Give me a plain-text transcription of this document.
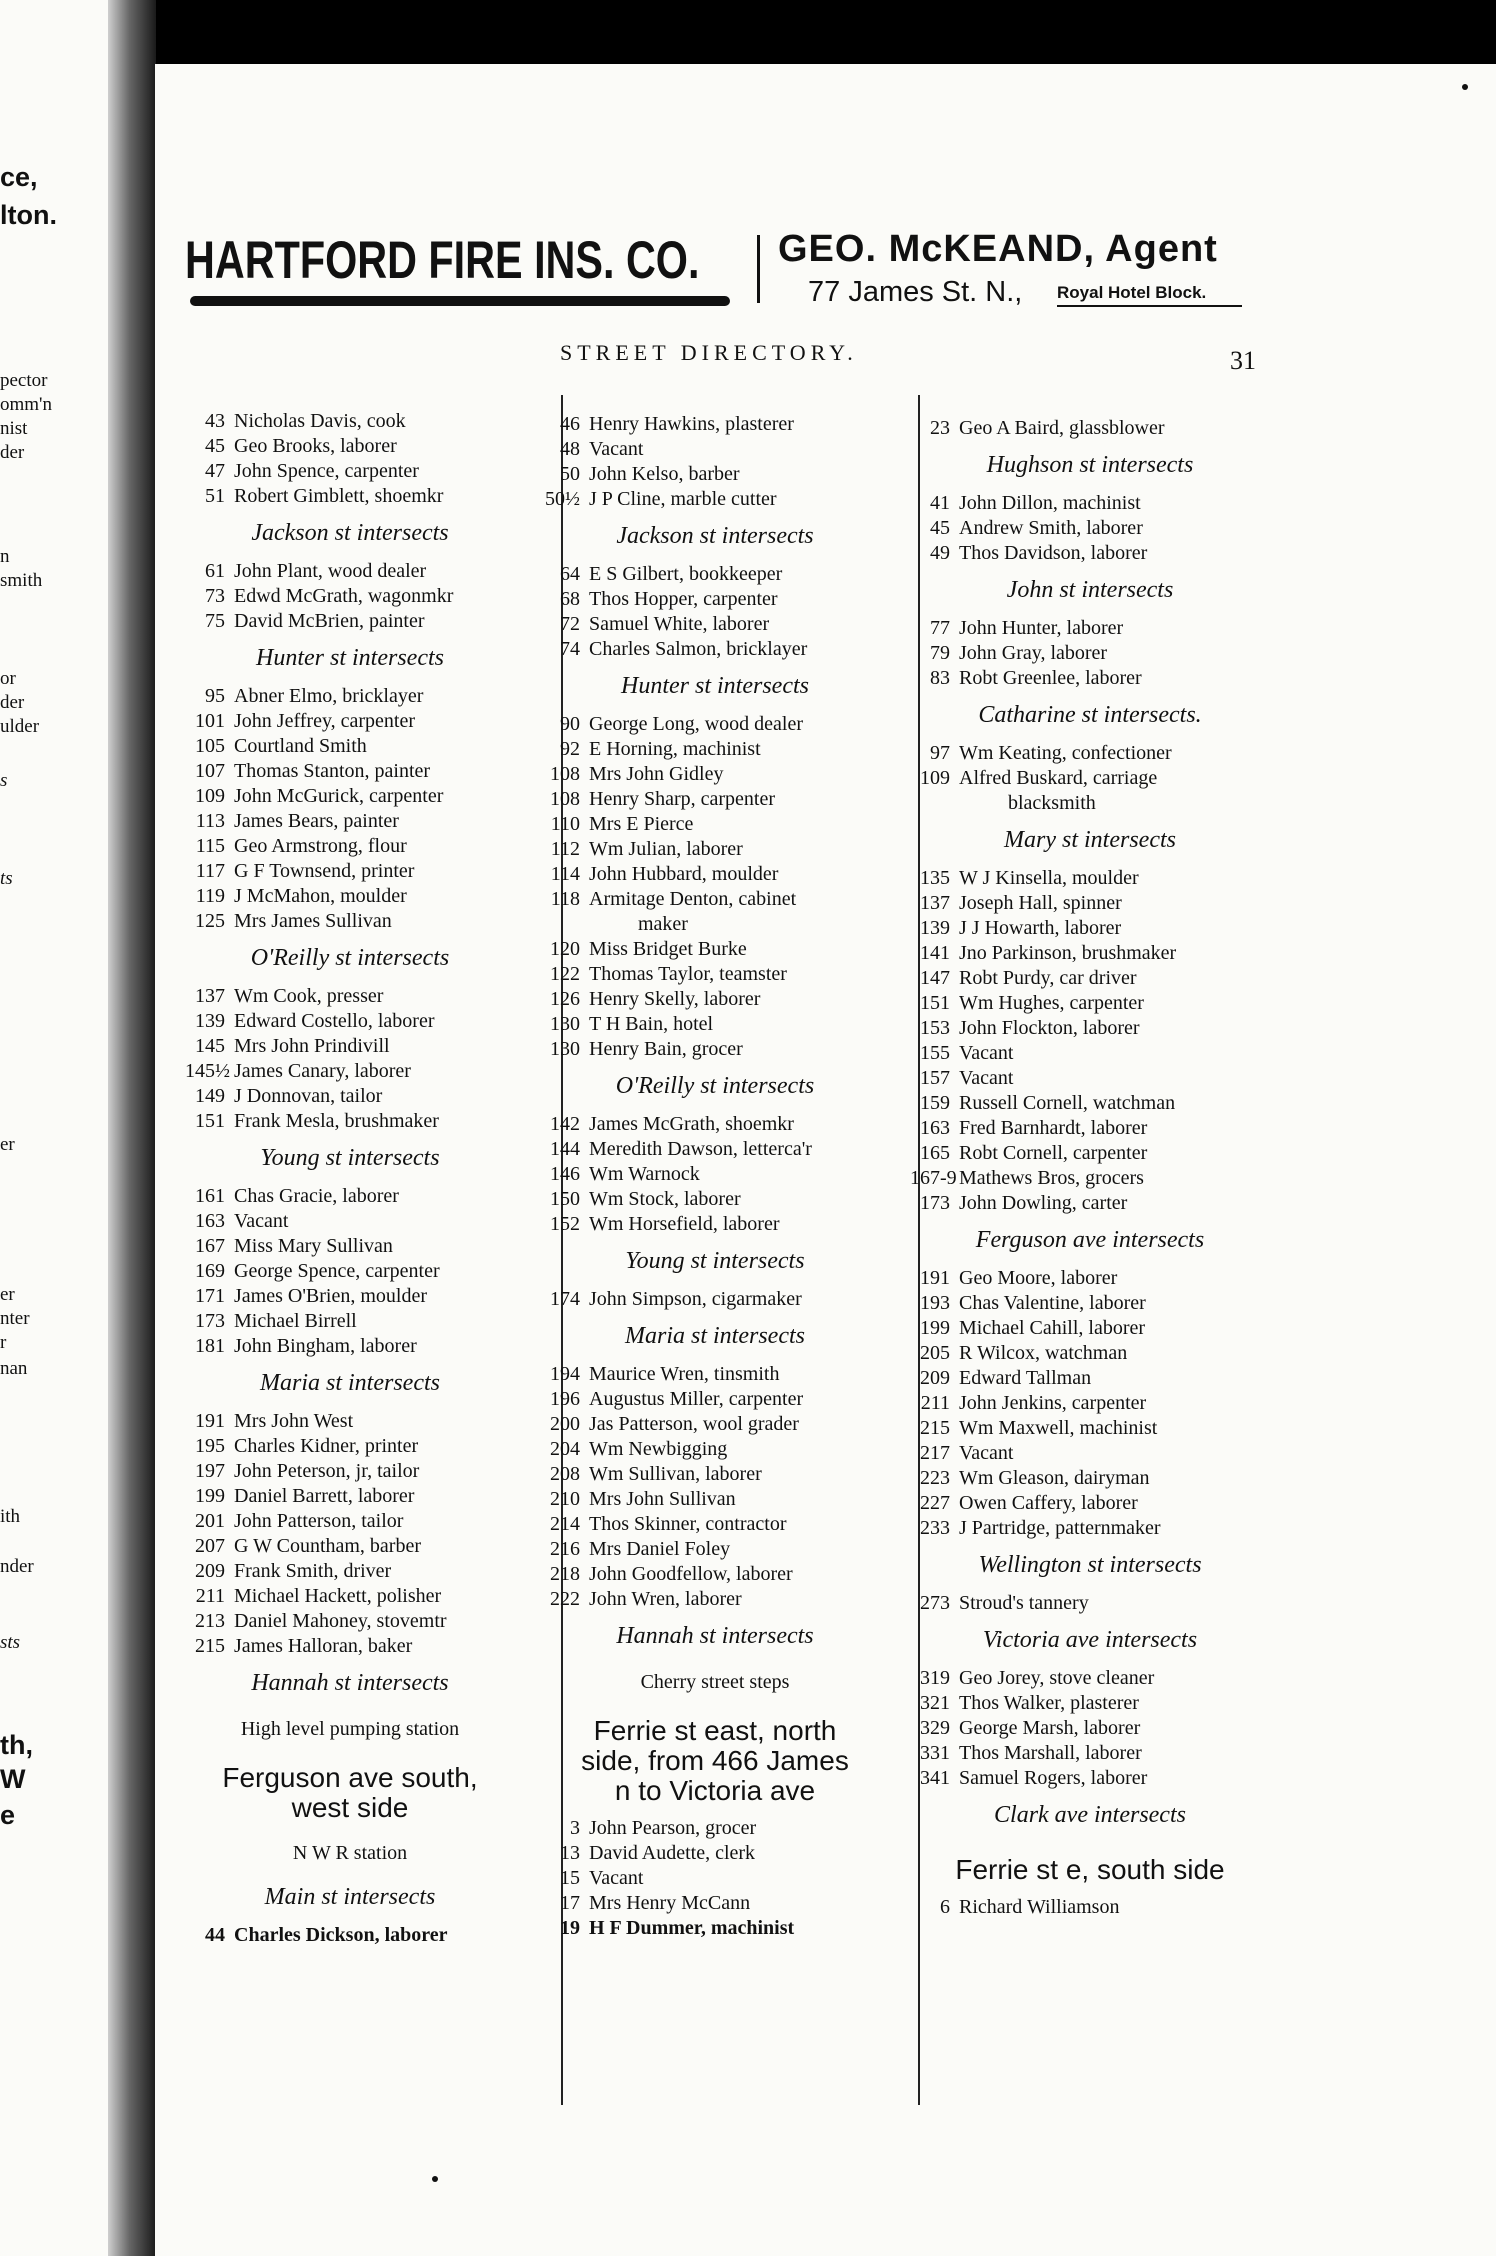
ce,
lton.
pector
omm'n
nist
der
n
smith
or
der
ulder
s
ts
er
er
nter
r
nan
ith
nder
sts
th,
W
e
HARTFORD FIRE INS. CO. GEO. McKEAND, Agent
77 James St. N., Royal Hotel Block.
STREET DIRECTORY.	31
43 Nicholas Davis, cook
45 Geo Brooks, laborer
47 John Spence, carpenter
51 Robert Gimblett, shoemkr
Jackson st intersects
61 John Plant, wood dealer
73 Edwd McGrath, wagonmkr
75 David McBrien, painter
Hunter st intersects
95 Abner Elmo, bricklayer
101 John Jeffrey, carpenter
105 Courtland Smith
107 Thomas Stanton, painter
109 John McGurick, carpenter
113 James Bears, painter
115 Geo Armstrong, flour
117 G F Townsend, printer
119 J McMahon, moulder
125 Mrs James Sullivan
O'Reilly st intersects
137 Wm Cook, presser
139 Edward Costello, laborer
145 Mrs John Prindivill
145½ James Canary, laborer
149 J Donnovan, tailor
151 Frank Mesla, brushmaker
Young st intersects
161 Chas Gracie, laborer
163 Vacant
167 Miss Mary Sullivan
169 George Spence, carpenter
171 James O'Brien, moulder
173 Michael Birrell
181 John Bingham, laborer
Maria st intersects
191 Mrs John West
195 Charles Kidner, printer
197 John Peterson, jr, tailor
199 Daniel Barrett, laborer
201 John Patterson, tailor
207 G W Countham, barber
209 Frank Smith, driver
211 Michael Hackett, polisher
213 Daniel Mahoney, stovemtr
215 James Halloran, baker
Hannah st intersects
High level pumping station
Ferguson ave south,
west side
N W R station
Main st intersects
44 Charles Dickson, laborer
46 Henry Hawkins, plasterer
48 Vacant
50 John Kelso, barber
50½ J P Cline, marble cutter
Jackson st intersects
64 E S Gilbert, bookkeeper
68 Thos Hopper, carpenter
72 Samuel White, laborer
74 Charles Salmon, bricklayer
Hunter st intersects
90 George Long, wood dealer
92 E Horning, machinist
108 Mrs John Gidley
108 Henry Sharp, carpenter
110 Mrs E Pierce
112 Wm Julian, laborer
114 John Hubbard, moulder
118 Armitage Denton, cabinet
maker
120 Miss Bridget Burke
122 Thomas Taylor, teamster
126 Henry Skelly, laborer
130 T H Bain, hotel
130 Henry Bain, grocer
O'Reilly st intersects
142 James McGrath, shoemkr
144 Meredith Dawson, letterca'r
146 Wm Warnock
150 Wm Stock, laborer
152 Wm Horsefield, laborer
Young st intersects
174 John Simpson, cigarmaker
Maria st intersects
194 Maurice Wren, tinsmith
196 Augustus Miller, carpenter
200 Jas Patterson, wool grader
204 Wm Newbigging
208 Wm Sullivan, laborer
210 Mrs John Sullivan
214 Thos Skinner, contractor
216 Mrs Daniel Foley
218 John Goodfellow, laborer
222 John Wren, laborer
Hannah st intersects
Cherry street steps
Ferrie st east, north
side, from 466 James
n to Victoria ave
3 John Pearson, grocer
13 David Audette, clerk
15 Vacant
17 Mrs Henry McCann
19 H F Dummer, machinist
23 Geo A Baird, glassblower
Hughson st intersects
41 John Dillon, machinist
45 Andrew Smith, laborer
49 Thos Davidson, laborer
John st intersects
77 John Hunter, laborer
79 John Gray, laborer
83 Robt Greenlee, laborer
Catharine st intersects.
97 Wm Keating, confectioner
109 Alfred Buskard, carriage
blacksmith
Mary st intersects
135 W J Kinsella, moulder
137 Joseph Hall, spinner
139 J J Howarth, laborer
141 Jno Parkinson, brushmaker
147 Robt Purdy, car driver
151 Wm Hughes, carpenter
153 John Flockton, laborer
155 Vacant
157 Vacant
159 Russell Cornell, watchman
163 Fred Barnhardt, laborer
165 Robt Cornell, carpenter
167-9 Mathews Bros, grocers
173 John Dowling, carter
Ferguson ave intersects
191 Geo Moore, laborer
193 Chas Valentine, laborer
199 Michael Cahill, laborer
205 R Wilcox, watchman
209 Edward Tallman
211 John Jenkins, carpenter
215 Wm Maxwell, machinist
217 Vacant
223 Wm Gleason, dairyman
227 Owen Caffery, laborer
233 J Partridge, patternmaker
Wellington st intersects
273 Stroud's tannery
Victoria ave intersects
319 Geo Jorey, stove cleaner
321 Thos Walker, plasterer
329 George Marsh, laborer
331 Thos Marshall, laborer
341 Samuel Rogers, laborer
Clark ave intersects
Ferrie st e, south side
6 Richard Williamson
